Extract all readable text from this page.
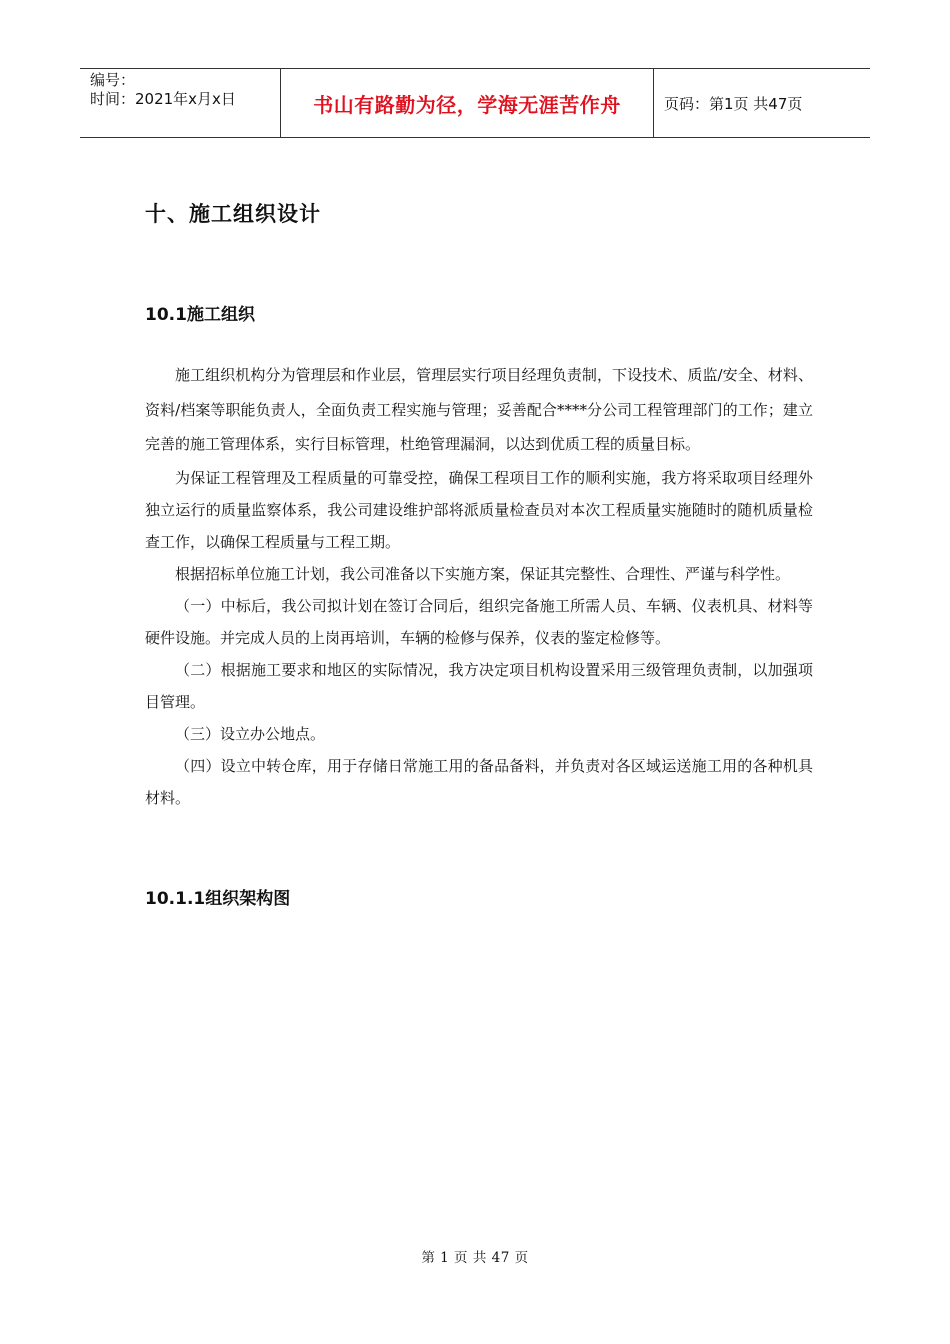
编号：
时间：2021年x月x日	书山有路勤为径，学海无涯苦作舟	页码：第1页 共47页
十、施工组织设计
10.1施工组织

施工组织机构分为管理层和作业层，管理层实行项目经理负责制，下设技术、质监/安全、材料、资料/档案等职能负责人，全面负责工程实施与管理；妥善配合****分公司工程管理部门的工作；建立完善的施工管理体系，实行目标管理，杜绝管理漏洞，以达到优质工程的质量目标。

为保证工程管理及工程质量的可靠受控，确保工程项目工作的顺利实施，我方将采取项目经理外独立运行的质量监察体系，我公司建设维护部将派质量检查员对本次工程质量实施随时的随机质量检查工作，以确保工程质量与工程工期。

根据招标单位施工计划，我公司准备以下实施方案，保证其完整性、合理性、严谨与科学性。

（一）中标后，我公司拟计划在签订合同后，组织完备施工所需人员、车辆、仪表机具、材料等硬件设施。并完成人员的上岗再培训，车辆的检修与保养，仪表的鉴定检修等。

（二）根据施工要求和地区的实际情况，我方决定项目机构设置采用三级管理负责制，以加强项目管理。

（三）设立办公地点。

（四）设立中转仓库，用于存储日常施工用的备品备料，并负责对各区域运送施工用的各种机具材料。

10.1.1组织架构图
第 1 页 共 47 页
